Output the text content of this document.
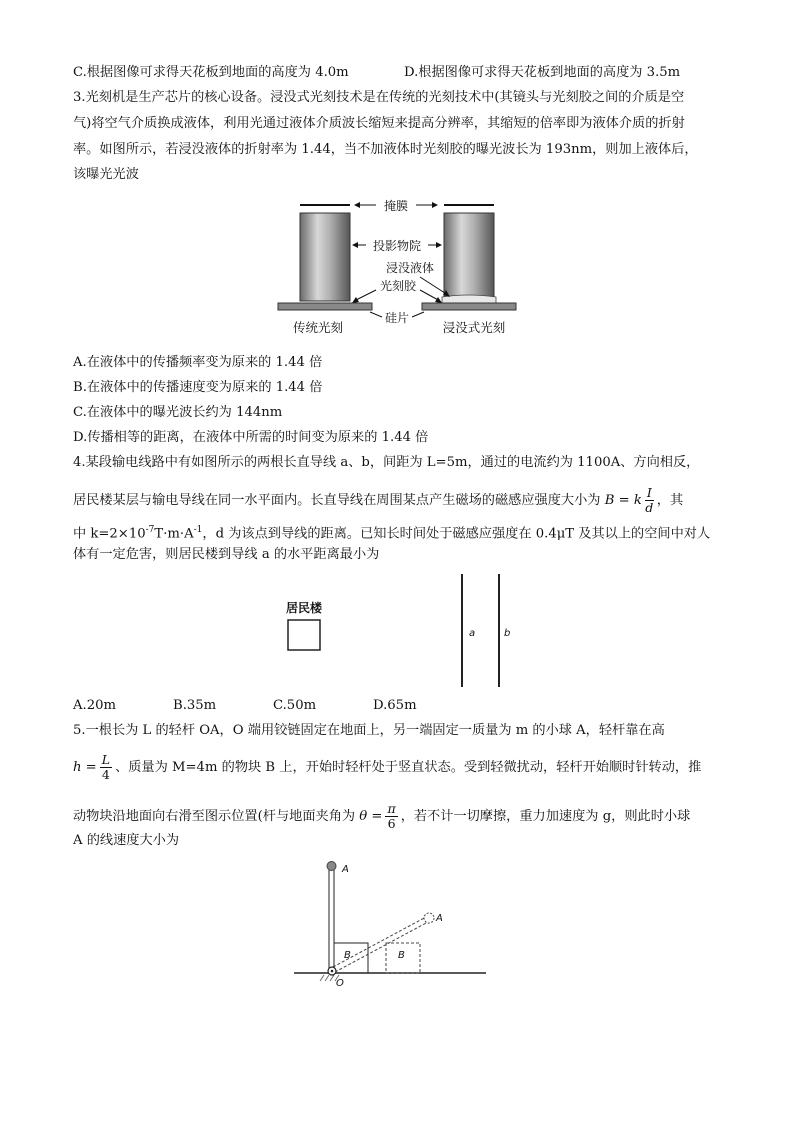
C.根据图像可求得天花板到地面的高度为 4.0m	D.根据图像可求得天花板到地面的高度为 3.5m
3.光刻机是生产芯片的核心设备。浸没式光刻技术是在传统的光刻技术中(其镜头与光刻胶之间的介质是空
气)将空气介质换成液体，利用光通过液体介质波长缩短来提高分辨率，其缩短的倍率即为液体介质的折射
率。如图所示，若浸没液体的折射率为 1.44，当不加液体时光刻胶的曝光波长为 193nm，则加上液体后，
该曝光光波
掩膜
投影物院
浸没液体
光刻胶
硅片
传统光刻	浸没式光刻
A.在液体中的传播频率变为原来的 1.44 倍
B.在液体中的传播速度变为原来的 1.44 倍
C.在液体中的曝光波长约为 144nm
D.传播相等的距离，在液体中所需的时间变为原来的 1.44 倍
4.某段输电线路中有如图所示的两根长直导线 a、b，间距为 L=5m，通过的电流约为 1100A、方向相反，
居民楼某层与输电导线在同一水平面内。长直导线在周围某点产生磁场的磁感应强度大小为 B = k $\frac{I}{d}$ ，其
中 $k=2\times 10^{-7}T\cdot m\cdot A^{-1}$，d 为该点到导线的距离。已知长时间处于磁感应强度在 0.4μT 及其以上的空间中对人
体有一定危害，则居民楼到导线 a 的水平距离最小为
居民楼
a	b
A.20m	B.35m	C.50m	D.65m
5.一根长为 L 的轻杆 OA，O 端用铰链固定在地面上，另一端固定一质量为 m 的小球 A，轻杆靠在高
$h = \frac{L}{4}$ 、质量为 M=4m 的物块 B 上，开始时轻杆处于竖直状态。受到轻微扰动，轻杆开始顺时针转动，推
动物块沿地面向右滑至图示位置(杆与地面夹角为 $\theta = \frac{\pi}{6}$ ，若不计一切摩擦，重力加速度为 g，则此时小球
A 的线速度大小为
A
A
B	B
O
